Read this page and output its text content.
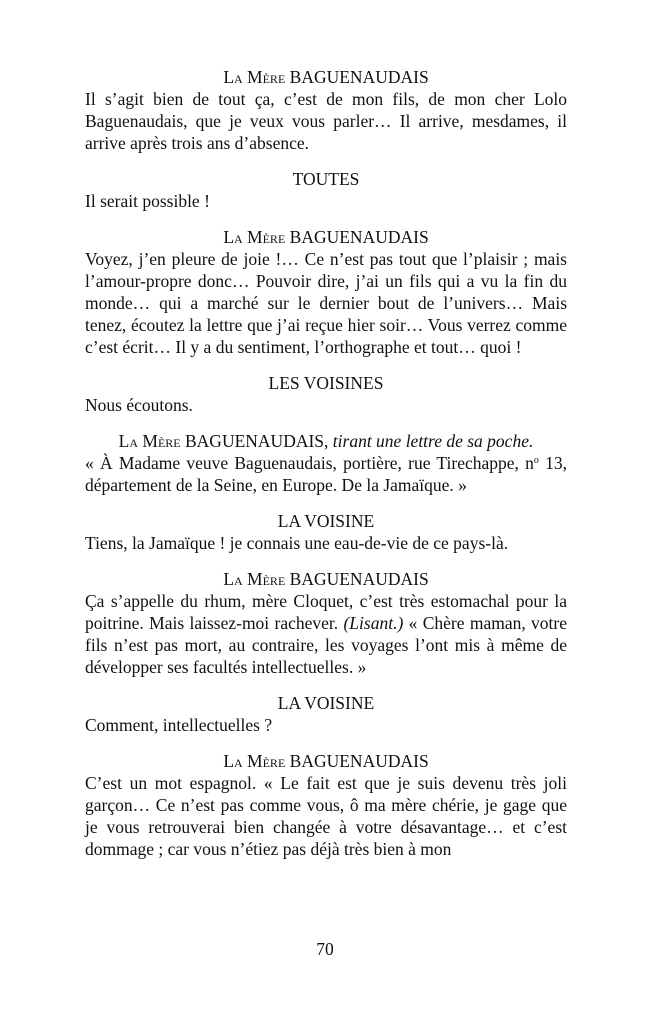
La Mère BAGUENAUDAIS

Il s’agit bien de tout ça, c’est de mon fils, de mon cher Lolo Baguenaudais, que je veux vous parler… Il arrive, mesdames, il arrive après trois ans d’absence.

TOUTES

Il serait possible !

La Mère BAGUENAUDAIS

Voyez, j’en pleure de joie !… Ce n’est pas tout que l’plaisir ; mais l’amour-propre donc… Pouvoir dire, j’ai un fils qui a vu la fin du monde… qui a marché sur le dernier bout de l’univers… Mais tenez, écoutez la lettre que j’ai reçue hier soir… Vous verrez comme c’est écrit… Il y a du sentiment, l’orthographe et tout… quoi !

LES VOISINES

Nous écoutons.

La Mère BAGUENAUDAIS, tirant une lettre de sa poche.

« À Madame veuve Baguenaudais, portière, rue Tirechappe, $n^o$ 13, département de la Seine, en Europe. De la Jamaïque. »

LA VOISINE

Tiens, la Jamaïque ! je connais une eau-de-vie de ce pays-là.

La Mère BAGUENAUDAIS

Ça s’appelle du rhum, mère Cloquet, c’est très estomachal pour la poitrine. Mais laissez-moi rachever. (Lisant.) « Chère maman, votre fils n’est pas mort, au contraire, les voyages l’ont mis à même de développer ses facultés intellectuelles. »

LA VOISINE

Comment, intellectuelles ?

La Mère BAGUENAUDAIS

C’est un mot espagnol. « Le fait est que je suis devenu très joli garçon… Ce n’est pas comme vous, ô ma mère chérie, je gage que je vous retrouverai bien changée à votre désavantage… et c’est dommage ; car vous n’étiez pas déjà très bien à mon

70
